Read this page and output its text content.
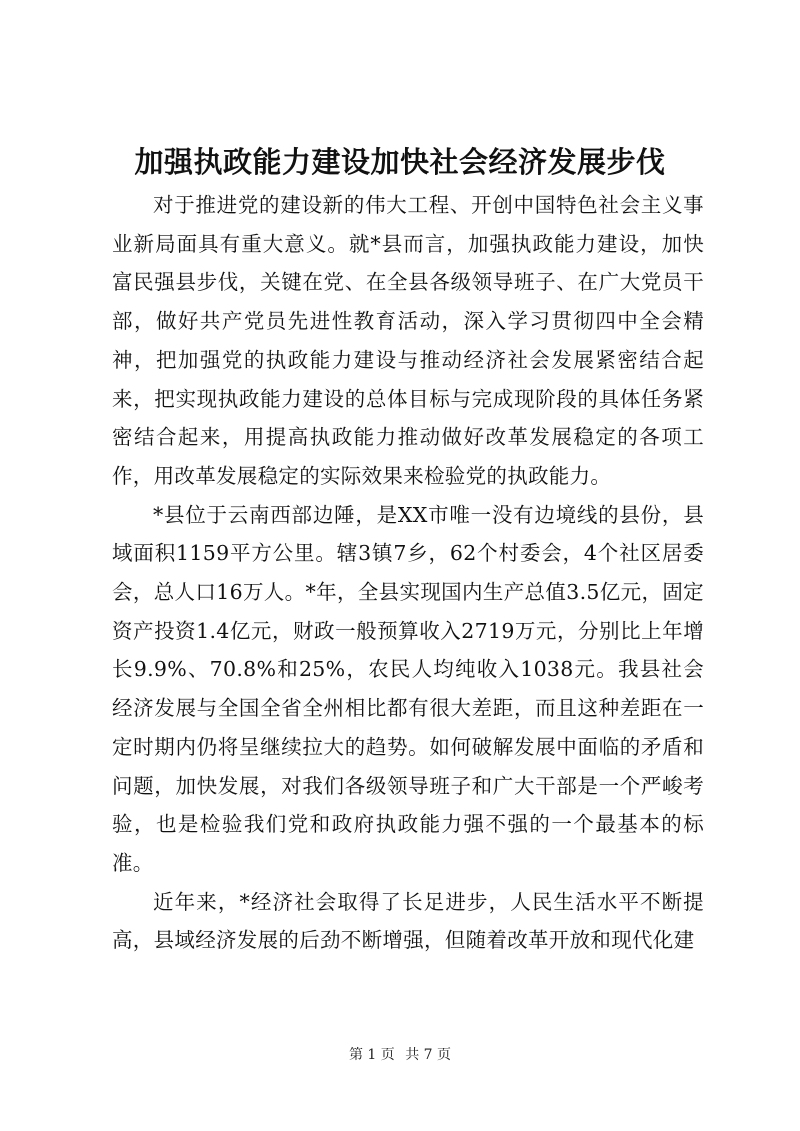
加强执政能力建设加快社会经济发展步伐

对于推进党的建设新的伟大工程、开创中国特色社会主义事业新局面具有重大意义。就*县而言，加强执政能力建设，加快富民强县步伐，关键在党、在全县各级领导班子、在广大党员干部，做好共产党员先进性教育活动，深入学习贯彻四中全会精神，把加强党的执政能力建设与推动经济社会发展紧密结合起来，把实现执政能力建设的总体目标与完成现阶段的具体任务紧密结合起来，用提高执政能力推动做好改革发展稳定的各项工作，用改革发展稳定的实际效果来检验党的执政能力。

*县位于云南西部边陲，是XX市唯一没有边境线的县份，县域面积1159平方公里。辖3镇7乡，62个村委会，4个社区居委会，总人口16万人。*年，全县实现国内生产总值3.5亿元，固定资产投资1.4亿元，财政一般预算收入2719万元，分别比上年增长9.9%、70.8%和25%，农民人均纯收入1038元。我县社会经济发展与全国全省全州相比都有很大差距，而且这种差距在一定时期内仍将呈继续拉大的趋势。如何破解发展中面临的矛盾和问题，加快发展，对我们各级领导班子和广大干部是一个严峻考验，也是检验我们党和政府执政能力强不强的一个最基本的标准。

近年来，*经济社会取得了长足进步，人民生活水平不断提高，县域经济发展的后劲不断增强，但随着改革开放和现代化建

第 1 页 共 7 页
